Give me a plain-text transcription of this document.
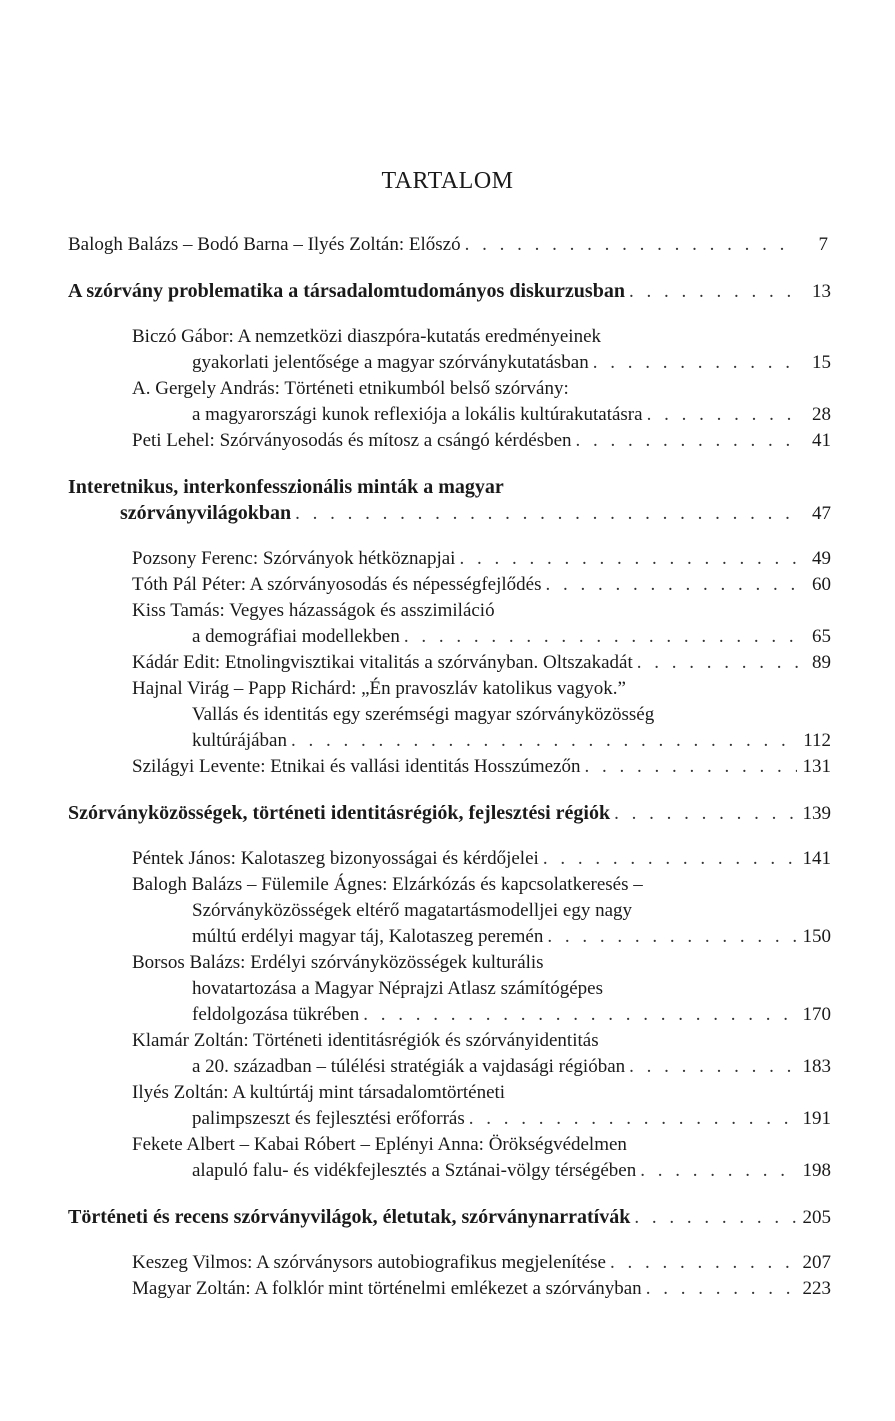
TARTALOM
Balogh Balázs – Bodó Barna – Ilyés Zoltán: Előszó . . .	7
A szórvány problematika a társadalomtudományos diskurzusban . . .	13
Biczó Gábor: A nemzetközi diaszpóra-kutatás eredményeinek
gyakorlati jelentősége a magyar szórványkutatásban . . .	15
A. Gergely András: Történeti etnikumból belső szórvány:
a magyarországi kunok reflexiója a lokális kultúrakutatásra . . .	28
Peti Lehel: Szórványosodás és mítosz a csángó kérdésben . . .	41
Interetnikus, interkonfesszionális minták a magyar
szórványvilágokban . . .	47
Pozsony Ferenc: Szórványok hétköznapjai . . .	49
Tóth Pál Péter: A szórványosodás és népességfejlődés . . .	60
Kiss Tamás: Vegyes házasságok és asszimiláció
a demográfiai modellekben . . .	65
Kádár Edit: Etnolingvisztikai vitalitás a szórványban. Oltszakadát . . .	89
Hajnal Virág – Papp Richárd: „Én pravoszláv katolikus vagyok.”
Vallás és identitás egy szerémségi magyar szórványközösség
kultúrájában . . .	112
Szilágyi Levente: Etnikai és vallási identitás Hosszúmezőn . . .	131
Szórványközösségek, történeti identitásrégiók, fejlesztési régiók . . .	139
Péntek János: Kalotaszeg bizonyosságai és kérdőjelei . . .	141
Balogh Balázs – Fülemile Ágnes: Elzárkózás és kapcsolatkeresés –
Szórványközösségek eltérő magatartásmodelljei egy nagy
múltú erdélyi magyar táj, Kalotaszeg peremén . . .	150
Borsos Balázs: Erdélyi szórványközösségek kulturális
hovatartozása a Magyar Néprajzi Atlasz számítógépes
feldolgozása tükrében . . .	170
Klamár Zoltán: Történeti identitásrégiók és szórványidentitás
a 20. században – túlélési stratégiák a vajdasági régióban . . .	183
Ilyés Zoltán: A kultúrtáj mint társadalomtörténeti
palimpszeszt és fejlesztési erőforrás . . .	191
Fekete Albert – Kabai Róbert – Eplényi Anna: Örökségvédelmen
alapuló falu- és vidékfejlesztés a Sztánai-völgy térségében . . .	198
Történeti és recens szórványvilágok, életutak, szórványnarratívák . . .	205
Keszeg Vilmos: A szórványsors autobiografikus megjelenítése . . .	207
Magyar Zoltán: A folklór mint történelmi emlékezet a szórványban . . .	223
